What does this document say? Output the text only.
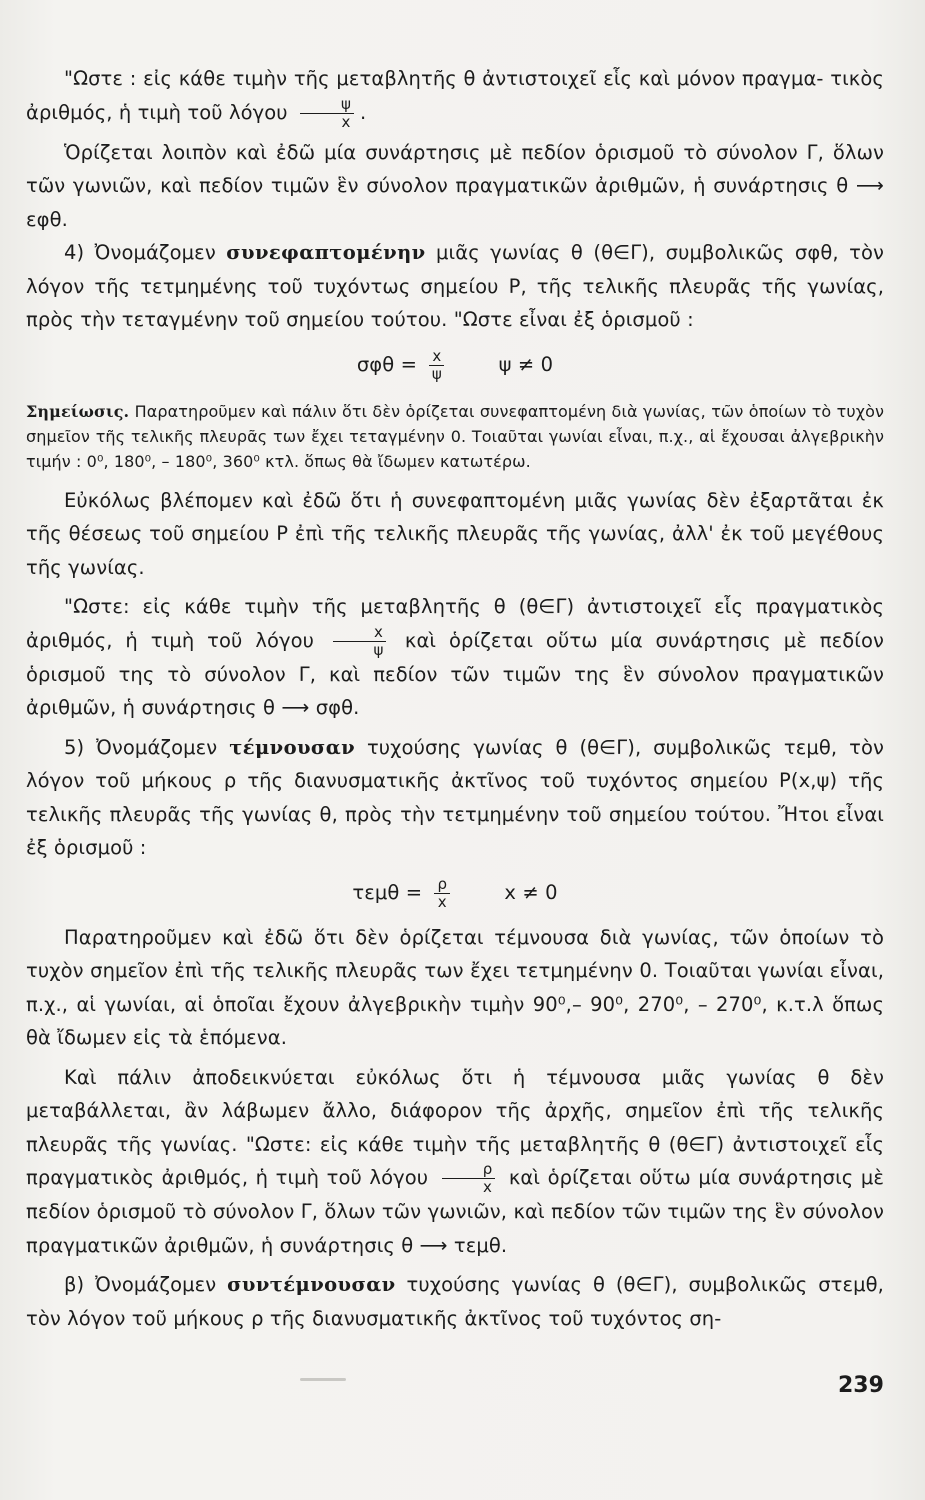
"Ωστε : εἰς κάθε τιμὴν τῆς μεταβλητῆς θ ἀντιστοιχεῖ εἷς καὶ μόνον πραγμα- τικὸς ἀριθμός, ἡ τιμὴ τοῦ λόγου $\frac{\psi}{x}$ .

Ὁρίζεται λοιπὸν καὶ ἐδῶ μία συνάρτησις μὲ πεδίον ὁρισμοῦ τὸ σύνολον Γ, ὅλων τῶν γωνιῶν, καὶ πεδίον τιμῶν ἓν σύνολον πραγματικῶν ἀριθμῶν, ἡ συνάρτησις θ ⟶ εφθ.

4) Ὀνομάζομεν συνεφαπτομένην μιᾶς γωνίας θ (θ∈Γ), συμβολικῶς σφθ, τὸν λόγον τῆς τετμημένης τοῦ τυχόντως σημείου Ρ, τῆς τελικῆς πλευρᾶς τῆς γωνίας, πρὸς τὴν τεταγμένην τοῦ σημείου τούτου. "Ωστε εἶναι ἐξ ὁρισμοῦ :

$\sigma\varphi\theta = \frac{x}{\psi}$	ψ ≠ 0

Σημείωσις. Παρατηροῦμεν καὶ πάλιν ὅτι δὲν ὁρίζεται συνεφαπτομένη διὰ γωνίας, τῶν ὁποίων τὸ τυχὸν σημεῖον τῆς τελικῆς πλευρᾶς των ἔχει τεταγμένην 0. Τοιαῦται γωνίαι εἶναι, π.χ., αἱ ἔχουσαι ἀλγεβρικὴν τιμήν : 0⁰, 180⁰, – 180⁰, 360⁰ κτλ. ὅπως θὰ ἴδωμεν κατωτέρω.

Εὐκόλως βλέπομεν καὶ ἐδῶ ὅτι ἡ συνεφαπτομένη μιᾶς γωνίας δὲν ἐξαρτᾶται ἐκ τῆς θέσεως τοῦ σημείου Ρ ἐπὶ τῆς τελικῆς πλευρᾶς τῆς γωνίας, ἀλλ' ἐκ τοῦ μεγέθους τῆς γωνίας.

"Ωστε: εἰς κάθε τιμὴν τῆς μεταβλητῆς θ (θ∈Γ) ἀντιστοιχεῖ εἷς πραγματικὸς ἀριθμός, ἡ τιμὴ τοῦ λόγου $\frac{x}{\psi}$ καὶ ὁρίζεται οὕτω μία συνάρτησις μὲ πεδίον ὁρισμοῦ της τὸ σύνολον Γ, καὶ πεδίον τῶν τιμῶν της ἓν σύνολον πραγματικῶν ἀριθμῶν, ἡ συνάρτησις θ ⟶ σφθ.

5) Ὀνομάζομεν τέμνουσαν τυχούσης γωνίας θ (θ∈Γ), συμβολικῶς τεμθ, τὸν λόγον τοῦ μήκους ρ τῆς διανυσματικῆς ἀκτῖνος τοῦ τυχόντος σημείου Ρ(x,ψ) τῆς τελικῆς πλευρᾶς τῆς γωνίας θ, πρὸς τὴν τετμημένην τοῦ σημείου τούτου. Ἤτοι εἶναι ἐξ ὁρισμοῦ :

$\tau\varepsilon\mu\theta = \frac{\rho}{x}$	x ≠ 0

Παρατηροῦμεν καὶ ἐδῶ ὅτι δὲν ὁρίζεται τέμνουσα διὰ γωνίας, τῶν ὁποίων τὸ τυχὸν σημεῖον ἐπὶ τῆς τελικῆς πλευρᾶς των ἔχει τετμημένην 0. Τοιαῦται γωνίαι εἶναι, π.χ., αἱ γωνίαι, αἱ ὁποῖαι ἔχουν ἀλγεβρικὴν τιμὴν 90⁰,– 90⁰, 270⁰, – 270⁰, κ.τ.λ ὅπως θὰ ἴδωμεν εἰς τὰ ἑπόμενα.

Καὶ πάλιν ἀποδεικνύεται εὐκόλως ὅτι ἡ τέμνουσα μιᾶς γωνίας θ δὲν μεταβάλλεται, ἂν λάβωμεν ἄλλο, διάφορον τῆς ἀρχῆς, σημεῖον ἐπὶ τῆς τελικῆς πλευρᾶς τῆς γωνίας. "Ωστε: εἰς κάθε τιμὴν τῆς μεταβλητῆς θ (θ∈Γ) ἀντιστοιχεῖ εἷς πραγματικὸς ἀριθμός, ἡ τιμὴ τοῦ λόγου $\frac{\rho}{x}$ καὶ ὁρίζεται οὕτω μία συνάρτησις μὲ πεδίον ὁρισμοῦ τὸ σύνολον Γ, ὅλων τῶν γωνιῶν, καὶ πεδίον τῶν τιμῶν της ἓν σύνολον πραγματικῶν ἀριθμῶν, ἡ συνάρτησις θ ⟶ τεμθ.

β) Ὀνομάζομεν συντέμνουσαν τυχούσης γωνίας θ (θ∈Γ), συμβολικῶς στεμθ, τὸν λόγον τοῦ μήκους ρ τῆς διανυσματικῆς ἀκτῖνος τοῦ τυχόντος ση-

239
